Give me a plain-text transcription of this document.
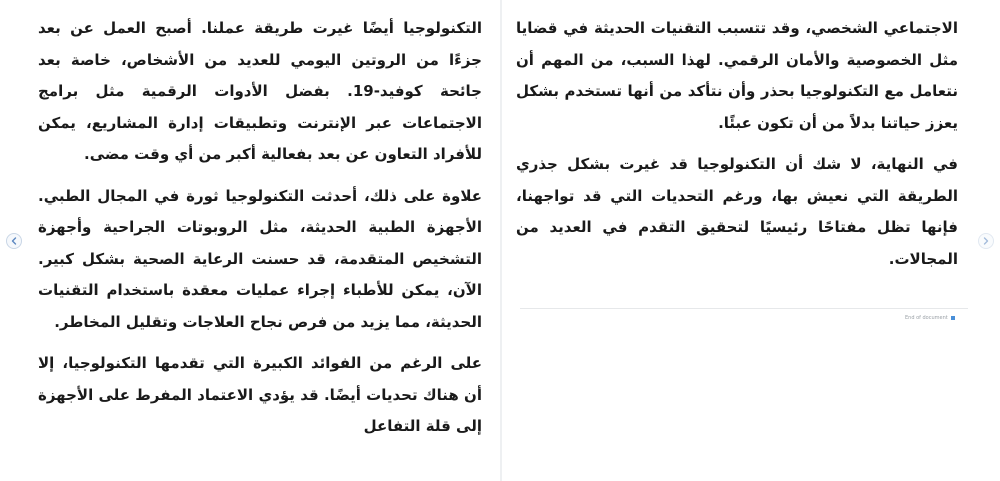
التكنولوجيا أيضًا غيرت طريقة عملنا. أصبح العمل عن بعد جزءًا من الروتين اليومي للعديد من الأشخاص، خاصة بعد جائحة كوفيد-19. بفضل الأدوات الرقمية مثل برامج الاجتماعات عبر الإنترنت وتطبيقات إدارة المشاريع، يمكن للأفراد التعاون عن بعد بفعالية أكبر من أي وقت مضى.

علاوة على ذلك، أحدثت التكنولوجيا ثورة في المجال الطبي. الأجهزة الطبية الحديثة، مثل الروبوتات الجراحية وأجهزة التشخيص المتقدمة، قد حسنت الرعاية الصحية بشكل كبير. الآن، يمكن للأطباء إجراء عمليات معقدة باستخدام التقنيات الحديثة، مما يزيد من فرص نجاح العلاجات وتقليل المخاطر.

على الرغم من الفوائد الكبيرة التي تقدمها التكنولوجيا، إلا أن هناك تحديات أيضًا. قد يؤدي الاعتماد المفرط على الأجهزة إلى قلة التفاعل

الاجتماعي الشخصي، وقد تتسبب التقنيات الحديثة في قضايا مثل الخصوصية والأمان الرقمي. لهذا السبب، من المهم أن نتعامل مع التكنولوجيا بحذر وأن نتأكد من أنها تستخدم بشكل يعزز حياتنا بدلاً من أن تكون عبئًا.

في النهاية، لا شك أن التكنولوجيا قد غيرت بشكل جذري الطريقة التي نعيش بها، ورغم التحديات التي قد تواجهنا، فإنها تظل مفتاحًا رئيسيًا لتحقيق التقدم في العديد من المجالات.

End of document
